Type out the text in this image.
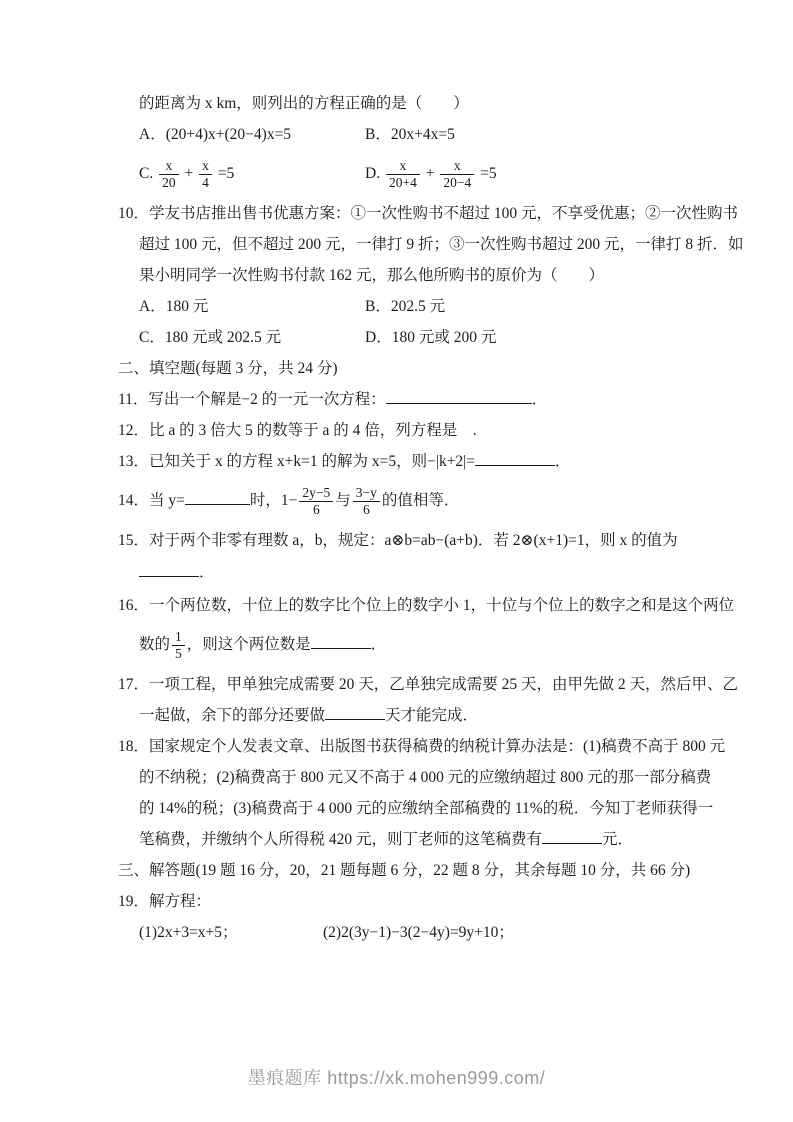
的距离为 x km，则列出的方程正确的是（　　）
A．(20+4)x+(20−4)x=5	B．20x+4x=5
C. $\frac{x}{20} + \frac{x}{4} =5$	D. $\frac{x}{20+4} + \frac{x}{20-4} =5$
10．学友书店推出售书优惠方案：①一次性购书不超过 100 元，不享受优惠；②一次性购书
超过 100 元，但不超过 200 元，一律打 9 折；③一次性购书超过 200 元，一律打 8 折．如
果小明同学一次性购书付款 162 元，那么他所购书的原价为（　　）
A．180 元	B．202.5 元
C．180 元或 202.5 元	D．180 元或 200 元
二、填空题(每题 3 分，共 24 分)
11．写出一个解是−2 的一元一次方程：	．
12．比 a 的 3 倍大 5 的数等于 a 的 4 倍，列方程是　.
13．已知关于 x 的方程 x+k=1 的解为 x=5，则−|k+2|=	．
14．当 y=	时，$1- \frac{2y-5}{6}$ 与 $\frac{3-y}{6}$ 的值相等．
15．对于两个非零有理数 a，b，规定：a⊗b=ab−(a+b)．若 2⊗(x+1)=1，则 x 的值为
．
16．一个两位数，十位上的数字比个位上的数字小 1，十位与个位上的数字之和是这个两位
数的 $\frac{1}{5}$ ，则这个两位数是	．
17．一项工程，甲单独完成需要 20 天，乙单独完成需要 25 天，由甲先做 2 天，然后甲、乙
一起做，余下的部分还要做	天才能完成．
18．国家规定个人发表文章、出版图书获得稿费的纳税计算办法是：(1)稿费不高于 800 元
的不纳税；(2)稿费高于 800 元又不高于 4 000 元的应缴纳超过 800 元的那一部分稿费
的 14%的税；(3)稿费高于 4 000 元的应缴纳全部稿费的 11%的税．今知丁老师获得一
笔稿费，并缴纳个人所得税 420 元，则丁老师的这笔稿费有	元．
三、解答题(19 题 16 分，20，21 题每题 6 分，22 题 8 分，其余每题 10 分，共 66 分)
19．解方程：
(1)2x+3=x+5；	(2)2(3y−1)−3(2−4y)=9y+10；
墨痕题库 https://xk.mohen999.com/
